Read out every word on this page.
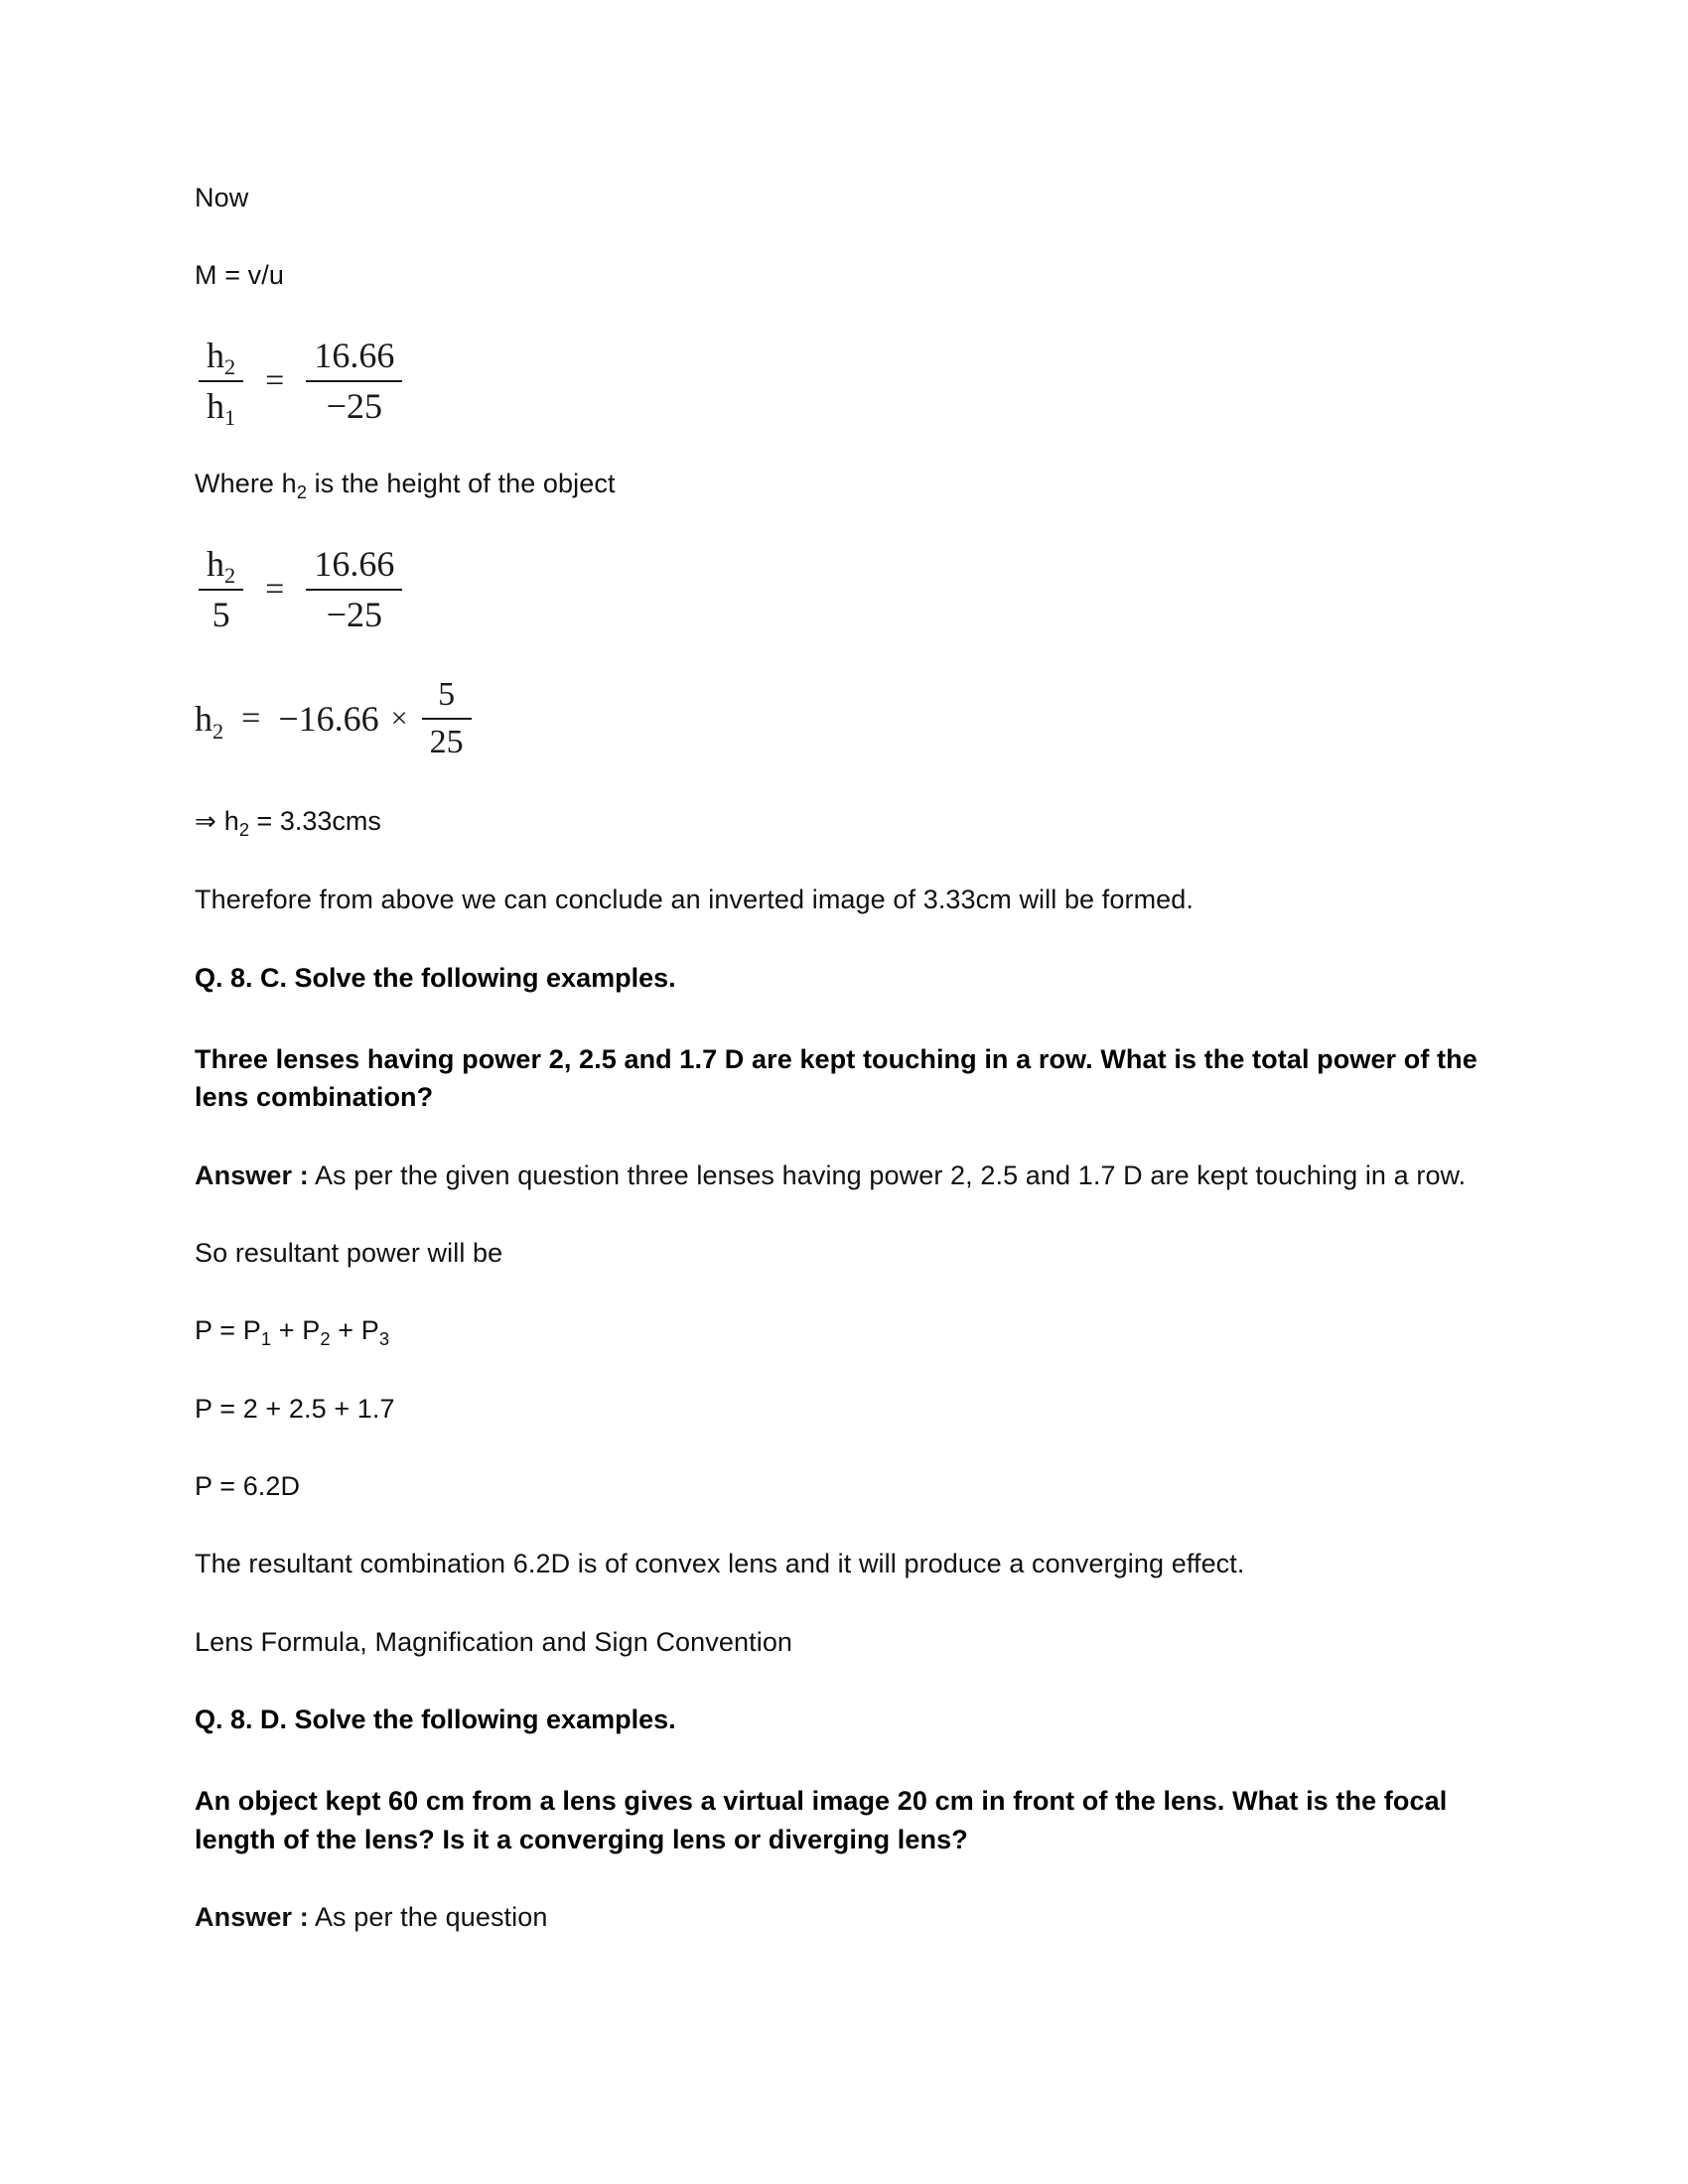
Now

M = v/u

$\frac{h2}{h1} = \frac{16.66}{-25}$

Where $h_2$ is the height of the object

$\frac{h2}{5} = \frac{16.66}{-25}$
$h2 = -16.66 \times \frac{5}{25}$

⇒ $h_2 = 3.33cms$

Therefore from above we can conclude an inverted image of 3.33cm will be formed.

Q. 8. C. Solve the following examples.

Three lenses having power 2, 2.5 and 1.7 D are kept touching in a row. What is the total power of the lens combination?

Answer : As per the given question three lenses having power 2, 2.5 and 1.7 D are kept touching in a row.

So resultant power will be

$P = P_1 + P_2 + P_3$

P = 2 + 2.5 + 1.7

P = 6.2D

The resultant combination 6.2D is of convex lens and it will produce a converging effect.

Lens Formula, Magnification and Sign Convention

Q. 8. D. Solve the following examples.

An object kept 60 cm from a lens gives a virtual image 20 cm in front of the lens. What is the focal length of the lens? Is it a converging lens or diverging lens?

Answer : As per the question
